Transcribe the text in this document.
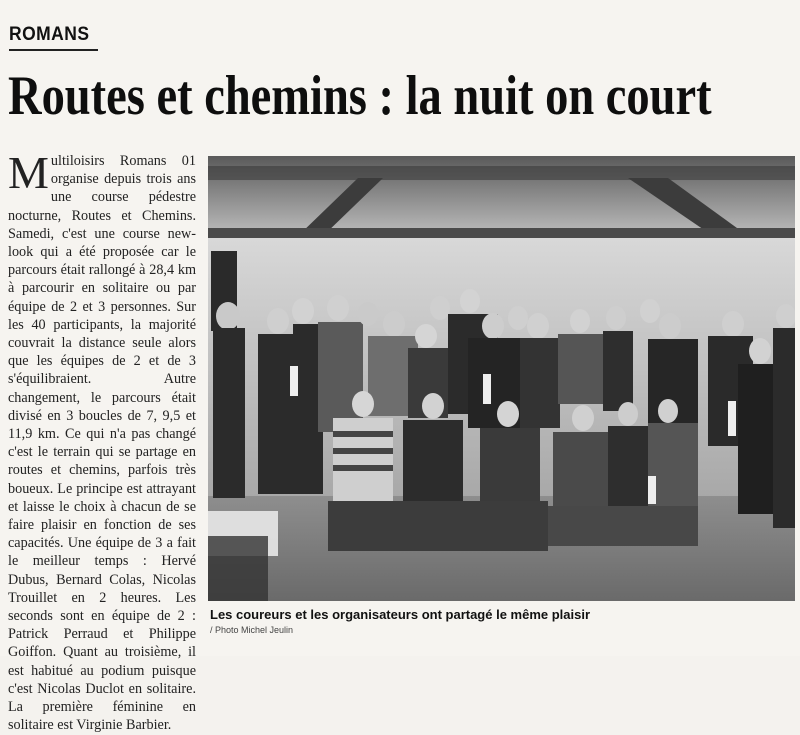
ROMANS
Routes et chemins : la nuit on court
Multiloisirs Romans 01 organise depuis trois ans une course pédestre nocturne, Routes et Chemins. Samedi, c'est une course new-look qui a été proposée car le parcours était rallongé à 28,4 km à parcourir en solitaire ou par équipe de 2 et 3 personnes. Sur les 40 participants, la majorité couvrait la distance seule alors que les équipes de 2 et de 3 s'équilibraient. Autre changement, le parcours était divisé en 3 boucles de 7, 9,5 et 11,9 km. Ce qui n'a pas changé c'est le terrain qui se partage en routes et chemins, parfois très boueux. Le principe est attrayant et laisse le choix à chacun de se faire plaisir en fonction de ses capacités. Une équipe de 3 a fait le meilleur temps : Hervé Dubus, Bernard Colas, Nicolas Trouillet en 2 heures. Les seconds sont en équipe de 2 : Patrick Perraud et Philippe Goiffon. Quant au troisième, il est habitué au podium puisque c'est Nicolas Duclot en solitaire. La première féminine en solitaire est Virginie Barbier.
Les coureurs et les organisateurs ont partagé le même plaisir
/ Photo Michel Jeulin
